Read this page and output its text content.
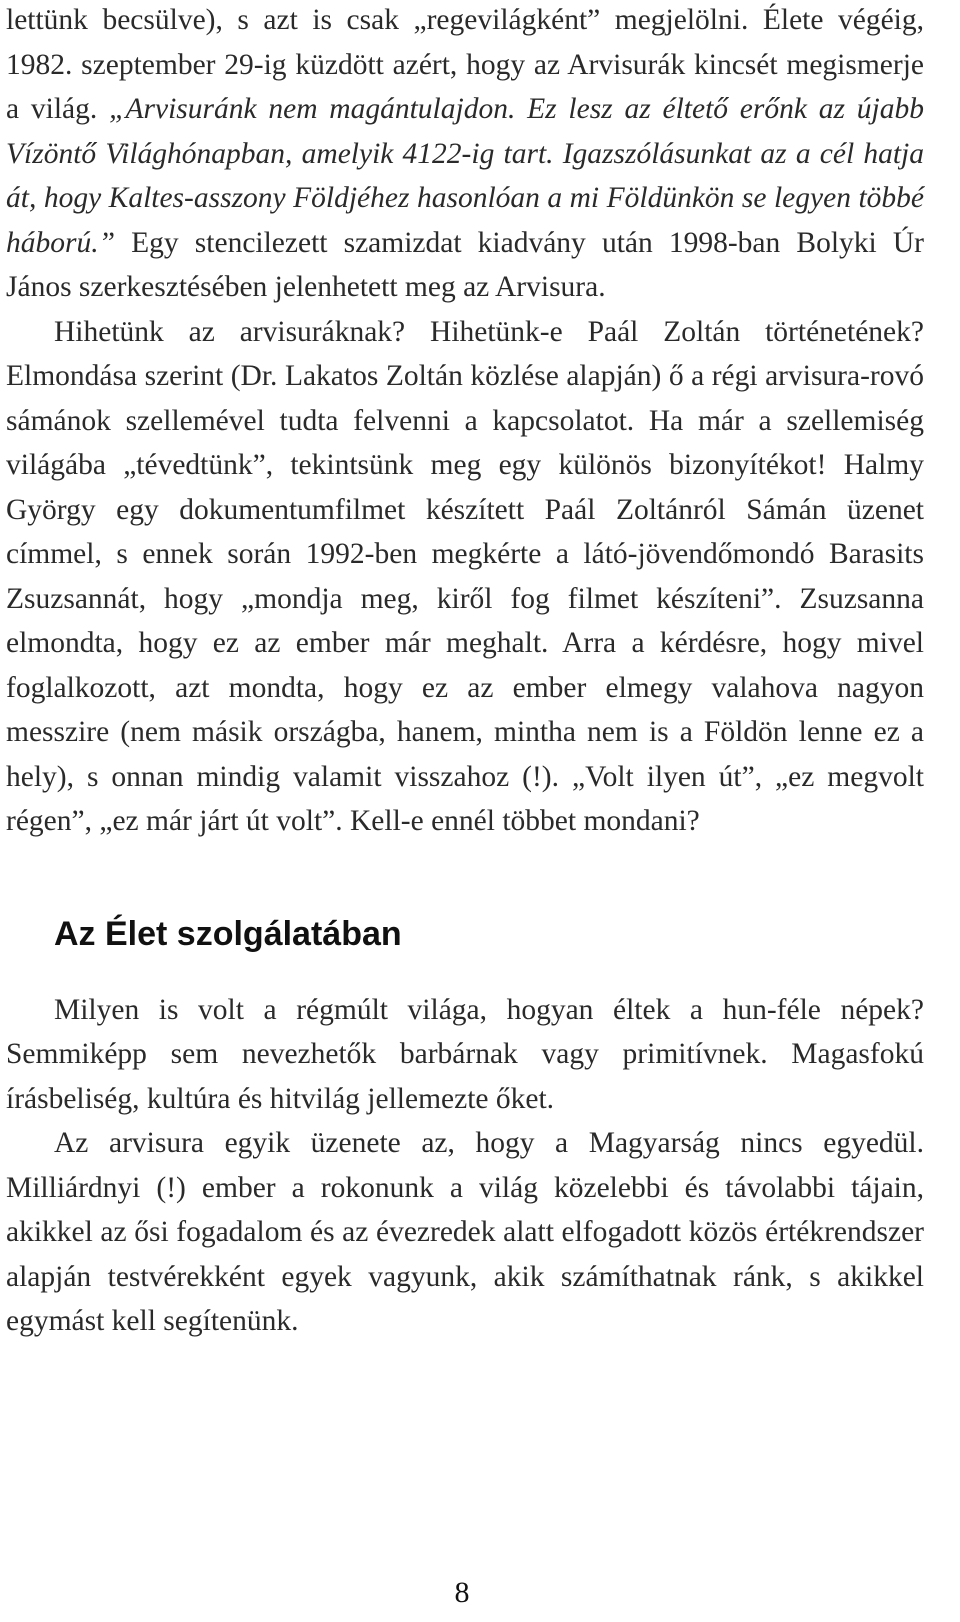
lettünk becsülve), s azt is csak „regevilágként” megjelölni. Élete végéig, 1982. szeptember 29-ig küzdött azért, hogy az Arvisurák kincsét megismerje a világ. „Arvisuránk nem magántulajdon. Ez lesz az éltető erőnk az újabb Vízöntő Világhónapban, amelyik 4122-ig tart. Igazszólásunkat az a cél hatja át, hogy Kaltes-asszony Földjéhez hasonlóan a mi Földünkön se legyen többé háború.” Egy stencilezett szamizdat kiadvány után 1998-ban Bolyki Úr János szerkesztésében jelenhetett meg az Arvisura.

Hihetünk az arvisuráknak? Hihetünk-e Paál Zoltán történetének? Elmondása szerint (Dr. Lakatos Zoltán közlése alapján) ő a régi arvisura-rovó sámánok szellemével tudta felvenni a kapcsolatot. Ha már a szellemiség világába „tévedtünk”, tekintsünk meg egy különös bizonyítékot! Halmy György egy dokumentumfilmet készített Paál Zoltánról Sámán üzenet címmel, s ennek során 1992-ben megkérte a látó-jövendőmondó Barasits Zsuzsannát, hogy „mondja meg, kiről fog filmet készíteni”. Zsuzsanna elmondta, hogy ez az ember már meghalt. Arra a kérdésre, hogy mivel foglalkozott, azt mondta, hogy ez az ember elmegy valahova nagyon messzire (nem másik országba, hanem, mintha nem is a Földön lenne ez a hely), s onnan mindig valamit visszahoz (!). „Volt ilyen út”, „ez megvolt régen”, „ez már járt út volt”. Kell-e ennél többet mondani?

Az Élet szolgálatában

Milyen is volt a régmúlt világa, hogyan éltek a hun-féle népek? Semmiképp sem nevezhetők barbárnak vagy primitívnek. Magasfokú írásbeliség, kultúra és hitvilág jellemezte őket.

Az arvisura egyik üzenete az, hogy a Magyarság nincs egyedül. Milliárdnyi (!) ember a rokonunk a világ közelebbi és távolabbi tájain, akikkel az ősi fogadalom és az évezredek alatt elfogadott közös értékrendszer alapján testvérekként egyek vagyunk, akik számíthatnak ránk, s akikkel egymást kell segítenünk.

8
